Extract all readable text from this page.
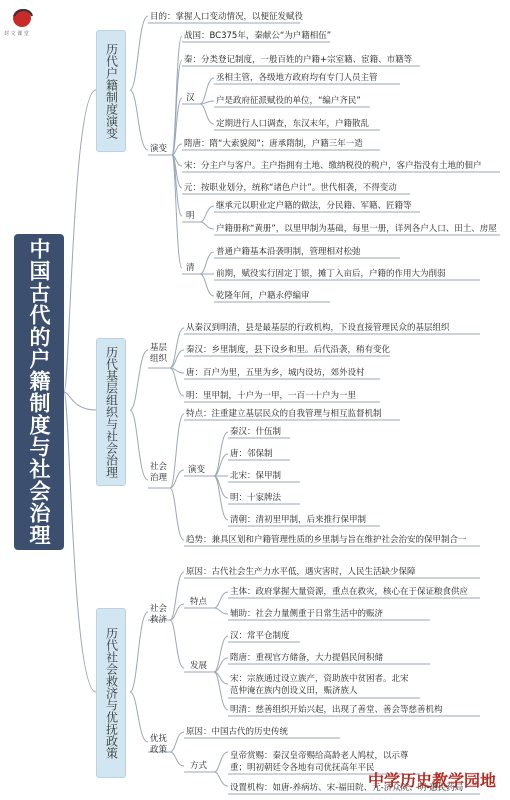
封 文 课 堂
中国古代的户籍制度与社会治理
历代户籍制度演变
历代基层组织与社会治理
历代社会救济与优抚政策
目的：掌握人口变动情况，以便征发赋役
演变
战国：BC375年，秦献公“为户籍相伍”
秦：分类登记制度，一般百姓的户籍+宗室籍、宦籍、市籍等
汉
丞相主管，各级地方政府均有专门人员主管
户是政府征派赋役的单位，“编户齐民”
定期进行人口调查，东汉末年，户籍散乱
隋唐：隋“大索貌阅”；唐承隋制，户籍三年一造
宋：分主户与客户。主户指拥有土地、缴纳税役的税户，客户指没有土地的佃户
元：按职业划分，统称“诸色户计”。世代相袭，不得变动
明
继承元以职业定户籍的做法，分民籍、军籍、匠籍等
户籍册称“黄册”，以里甲制为基础，每里一册，详列各户人口、田土、房屋
清
普通户籍基本沿袭明制，管理相对松弛
前期，赋役实行固定丁银，摊丁入亩后，户籍的作用大为削弱
乾隆年间，户籍永停编审
基层组织
从秦汉到明清，县是最基层的行政机构，下设直接管理民众的基层组织
秦汉：乡里制度，县下设乡和里。后代沿袭，稍有变化
唐：百户为里，五里为乡，城内设坊，郊外设村
明：里甲制，十户为一甲，一百一十户为一里
社会治理
特点：注重建立基层民众的自我管理与相互监督机制
演变
秦汉：什伍制
唐：邻保制
北宋：保甲制
明：十家牌法
清朝：清初里甲制，后来推行保甲制
趋势：兼具区划和户籍管理性质的乡里制与旨在维护社会治安的保甲制合一
社会救济
原因：古代社会生产力水平低，遇灾害时，人民生活缺少保障
特点
主体：政府掌握大量资源，重点在救灾，核心在于保证粮食供应
辅助：社会力量侧重于日常生活中的赈济
发展
汉：常平仓制度
隋唐：重视官方储备，大力提倡民间积储
宋：宗族通过设立族产，资助族中贫困者。北宋
范仲淹在族内创设义田，赈济族人
明清：慈善组织开始兴起，出现了善堂、善会等慈善机构
优抚政策
原因：中国古代的历史传统
方式
皇帝赏赐：秦汉皇帝赐给高龄老人鸠杖，以示尊
重；明初朝廷令各地有司优抚高年平民
设置机构：如唐-养病坊、宋-福田院、元-济众院、明-惠民药局
中学历史教学园地
